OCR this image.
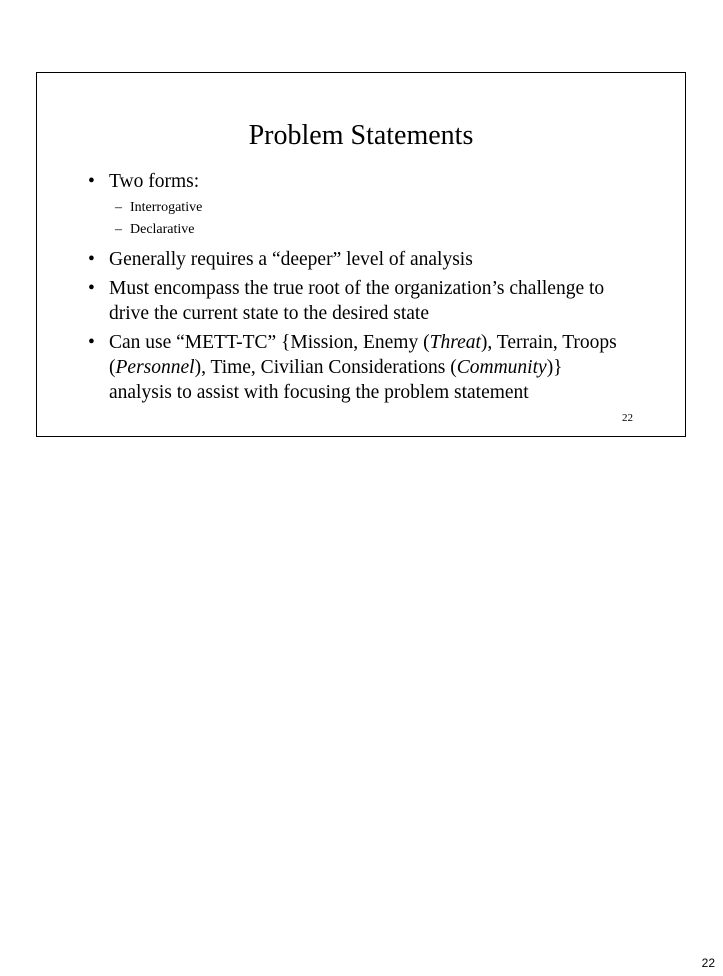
Problem Statements
• Two forms:
– Interrogative
– Declarative
• Generally requires a “deeper” level of analysis
• Must encompass the true root of the organization’s challenge to drive the current state to the desired state
• Can use “METT-TC” {Mission, Enemy (Threat), Terrain, Troops (Personnel), Time, Civilian Considerations (Community)} analysis to assist with focusing the problem statement
22
22
